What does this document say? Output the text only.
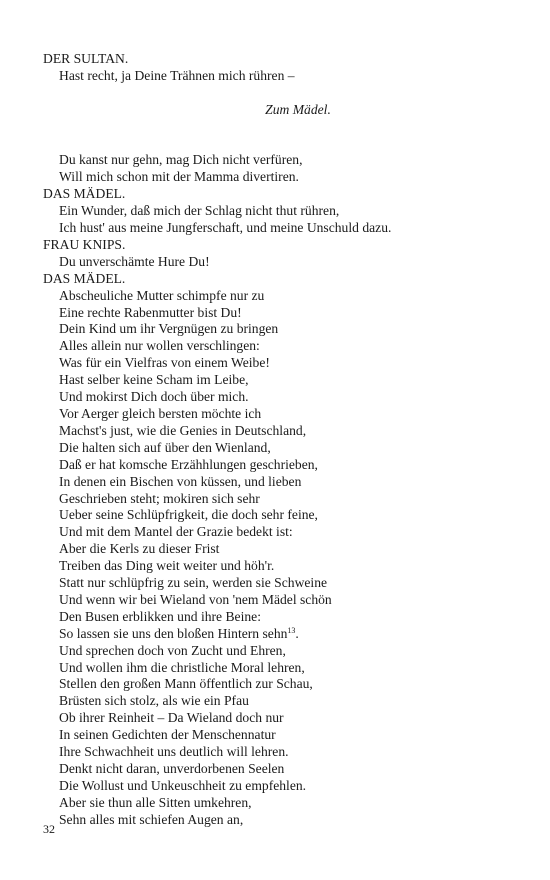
DER SULTAN.
Hast recht, ja Deine Trähnen mich rühren –
Zum Mädel.
Du kanst nur gehn, mag Dich nicht verfüren,
Will mich schon mit der Mamma divertiren.
DAS MÄDEL.
Ein Wunder, daß mich der Schlag nicht thut rühren,
Ich hust' aus meine Jungferschaft, und meine Unschuld dazu.
FRAU KNIPS.
Du unverschämte Hure Du!
DAS MÄDEL.
Abscheuliche Mutter schimpfe nur zu
Eine rechte Rabenmutter bist Du!
Dein Kind um ihr Vergnügen zu bringen
Alles allein nur wollen verschlingen:
Was für ein Vielfras von einem Weibe!
Hast selber keine Scham im Leibe,
Und mokirst Dich doch über mich.
Vor Aerger gleich bersten möchte ich
Machst's just, wie die Genies in Deutschland,
Die halten sich auf über den Wienland,
Daß er hat komsche Erzähhlungen geschrieben,
In denen ein Bischen von küssen, und lieben
Geschrieben steht; mokiren sich sehr
Ueber seine Schlüpfrigkeit, die doch sehr feine,
Und mit dem Mantel der Grazie bedekt ist:
Aber die Kerls zu dieser Frist
Treiben das Ding weit weiter und höh'r.
Statt nur schlüpfrig zu sein, werden sie Schweine
Und wenn wir bei Wieland von 'nem Mädel schön
Den Busen erblikken und ihre Beine:
So lassen sie uns den bloßen Hintern sehn$^{13}$.
Und sprechen doch von Zucht und Ehren,
Und wollen ihm die christliche Moral lehren,
Stellen den großen Mann öffentlich zur Schau,
Brüsten sich stolz, als wie ein Pfau
Ob ihrer Reinheit – Da Wieland doch nur
In seinen Gedichten der Menschennatur
Ihre Schwachheit uns deutlich will lehren.
Denkt nicht daran, unverdorbenen Seelen
Die Wollust und Unkeuschheit zu empfehlen.
Aber sie thun alle Sitten umkehren,
Sehn alles mit schiefen Augen an,
32
